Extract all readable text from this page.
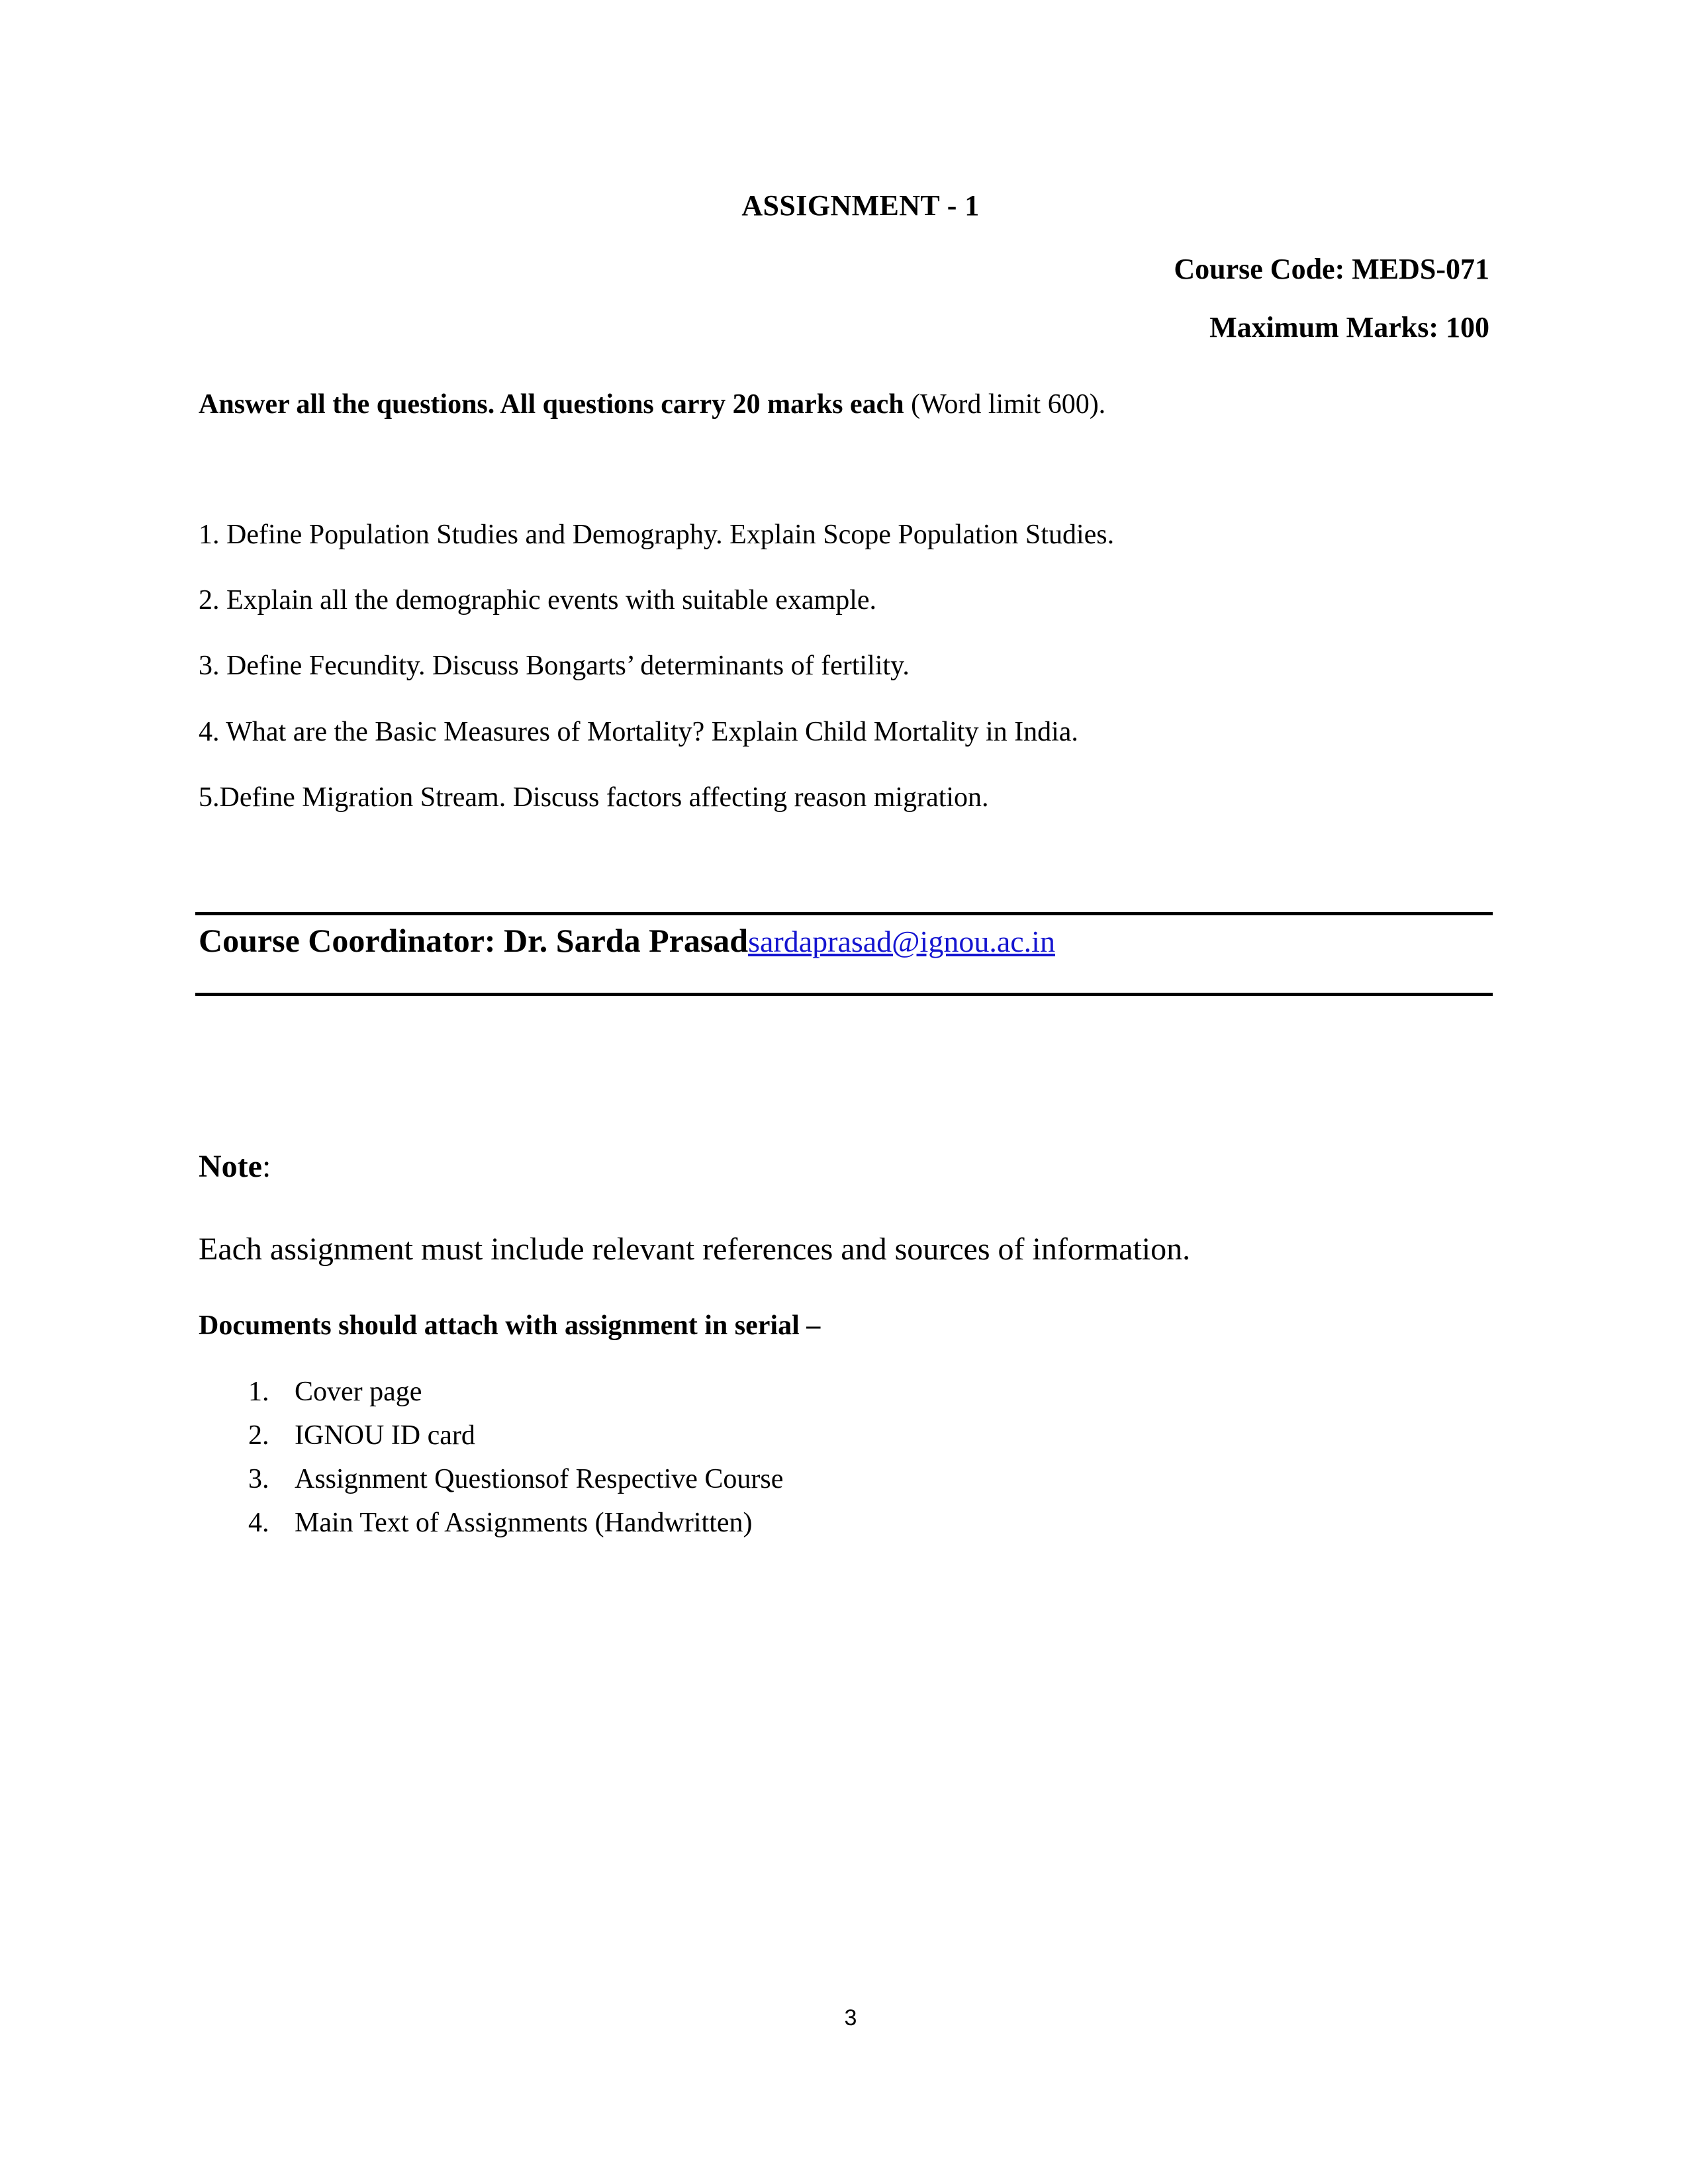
ASSIGNMENT - 1
Course Code: MEDS-071
Maximum Marks: 100
Answer all the questions. All questions carry 20 marks each (Word limit 600).
1. Define Population Studies and Demography. Explain Scope Population Studies.
2. Explain all the demographic events with suitable example.
3. Define Fecundity. Discuss Bongarts’ determinants of fertility.
4. What are the Basic Measures of Mortality? Explain Child Mortality in India.
5.Define Migration Stream. Discuss factors affecting reason migration.
Course Coordinator: Dr. Sarda Prasadsardaprasad@ignou.ac.in
Note:
Each assignment must include relevant references and sources of information.
Documents should attach with assignment in serial –
1. Cover page
2. IGNOU ID card
3. Assignment Questionsof Respective Course
4. Main Text of Assignments (Handwritten)
3
